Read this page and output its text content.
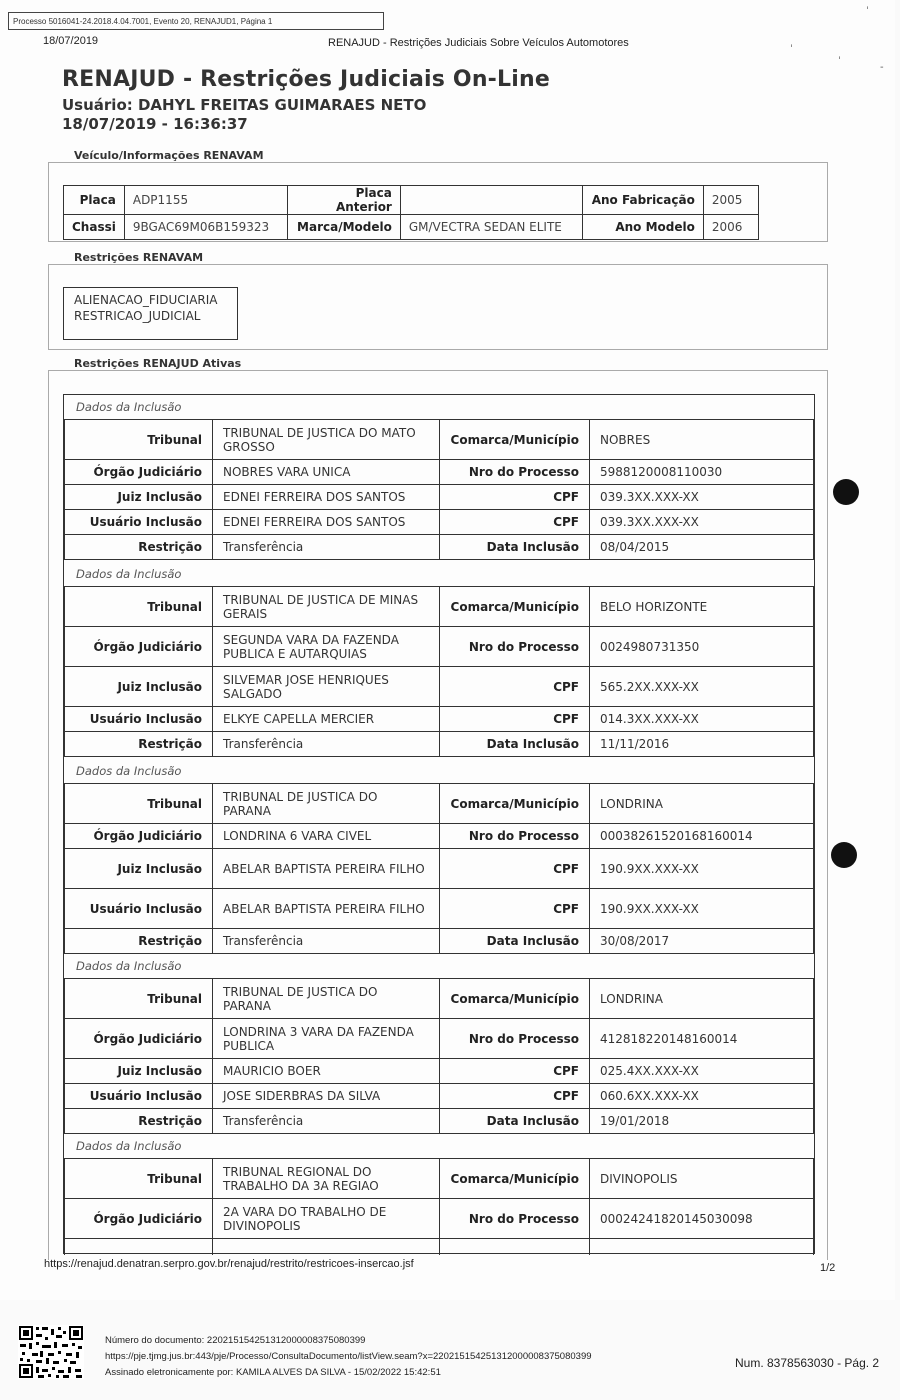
Processo 5016041-24.2018.4.04.7001, Evento 20, RENAJUD1, Página 1
18/07/2019	RENAJUD - Restrições Judiciais Sobre Veículos Automotores
RENAJUD - Restrições Judiciais On-Line
Usuário: DAHYL FREITAS GUIMARAES NETO
18/07/2019 - 16:36:37
ˈ
ˈ
ˈ
-
Veículo/Informações RENAVAM
Placa	ADP1155	Placa Anterior		Ano Fabricação	2005
Chassi	9BGAC69M06B159323	Marca/Modelo	GM/VECTRA SEDAN ELITE	Ano Modelo	2006
Restrições RENAVAM
ALIENACAO_FIDUCIARIA
RESTRICAO_JUDICIAL
Restrições RENAJUD Ativas
Dados da Inclusão
Tribunal	TRIBUNAL DE JUSTICA DO MATO GROSSO	Comarca/Município	NOBRES
Órgão Judiciário	NOBRES VARA UNICA	Nro do Processo	5988120008110030
Juiz Inclusão	EDNEI FERREIRA DOS SANTOS	CPF	039.3XX.XXX-XX
Usuário Inclusão	EDNEI FERREIRA DOS SANTOS	CPF	039.3XX.XXX-XX
Restrição	Transferência	Data Inclusão	08/04/2015
Dados da Inclusão
Tribunal	TRIBUNAL DE JUSTICA DE MINAS GERAIS	Comarca/Município	BELO HORIZONTE
Órgão Judiciário	SEGUNDA VARA DA FAZENDA PUBLICA E AUTARQUIAS	Nro do Processo	0024980731350
Juiz Inclusão	SILVEMAR JOSE HENRIQUES SALGADO	CPF	565.2XX.XXX-XX
Usuário Inclusão	ELKYE CAPELLA MERCIER	CPF	014.3XX.XXX-XX
Restrição	Transferência	Data Inclusão	11/11/2016
Dados da Inclusão
Tribunal	TRIBUNAL DE JUSTICA DO PARANA	Comarca/Município	LONDRINA
Órgão Judiciário	LONDRINA 6 VARA CIVEL	Nro do Processo	00038261520168160014
Juiz Inclusão	ABELAR BAPTISTA PEREIRA FILHO	CPF	190.9XX.XXX-XX
Usuário Inclusão	ABELAR BAPTISTA PEREIRA FILHO	CPF	190.9XX.XXX-XX
Restrição	Transferência	Data Inclusão	30/08/2017
Dados da Inclusão
Tribunal	TRIBUNAL DE JUSTICA DO PARANA	Comarca/Município	LONDRINA
Órgão Judiciário	LONDRINA 3 VARA DA FAZENDA PUBLICA	Nro do Processo	412818220148160014
Juiz Inclusão	MAURICIO BOER	CPF	025.4XX.XXX-XX
Usuário Inclusão	JOSE SIDERBRAS DA SILVA	CPF	060.6XX.XXX-XX
Restrição	Transferência	Data Inclusão	19/01/2018
Dados da Inclusão
Tribunal	TRIBUNAL REGIONAL DO TRABALHO DA 3A REGIAO	Comarca/Município	DIVINOPOLIS
Órgão Judiciário	2A VARA DO TRABALHO DE DIVINOPOLIS	Nro do Processo	00024241820145030098

https://renajud.denatran.serpro.gov.br/renajud/restrito/restricoes-insercao.jsf	1/2
Número do documento: 22021515425131200000837508039​9
https://pje.tjmg.jus.br:443/pje/Processo/ConsultaDocumento/listView.seam?x=22021515425131200000837508039​9
Assinado eletronicamente por: KAMILA ALVES DA SILVA - 15/02/2022 15:42:51
Num. 8378563030 - Pág. 2
